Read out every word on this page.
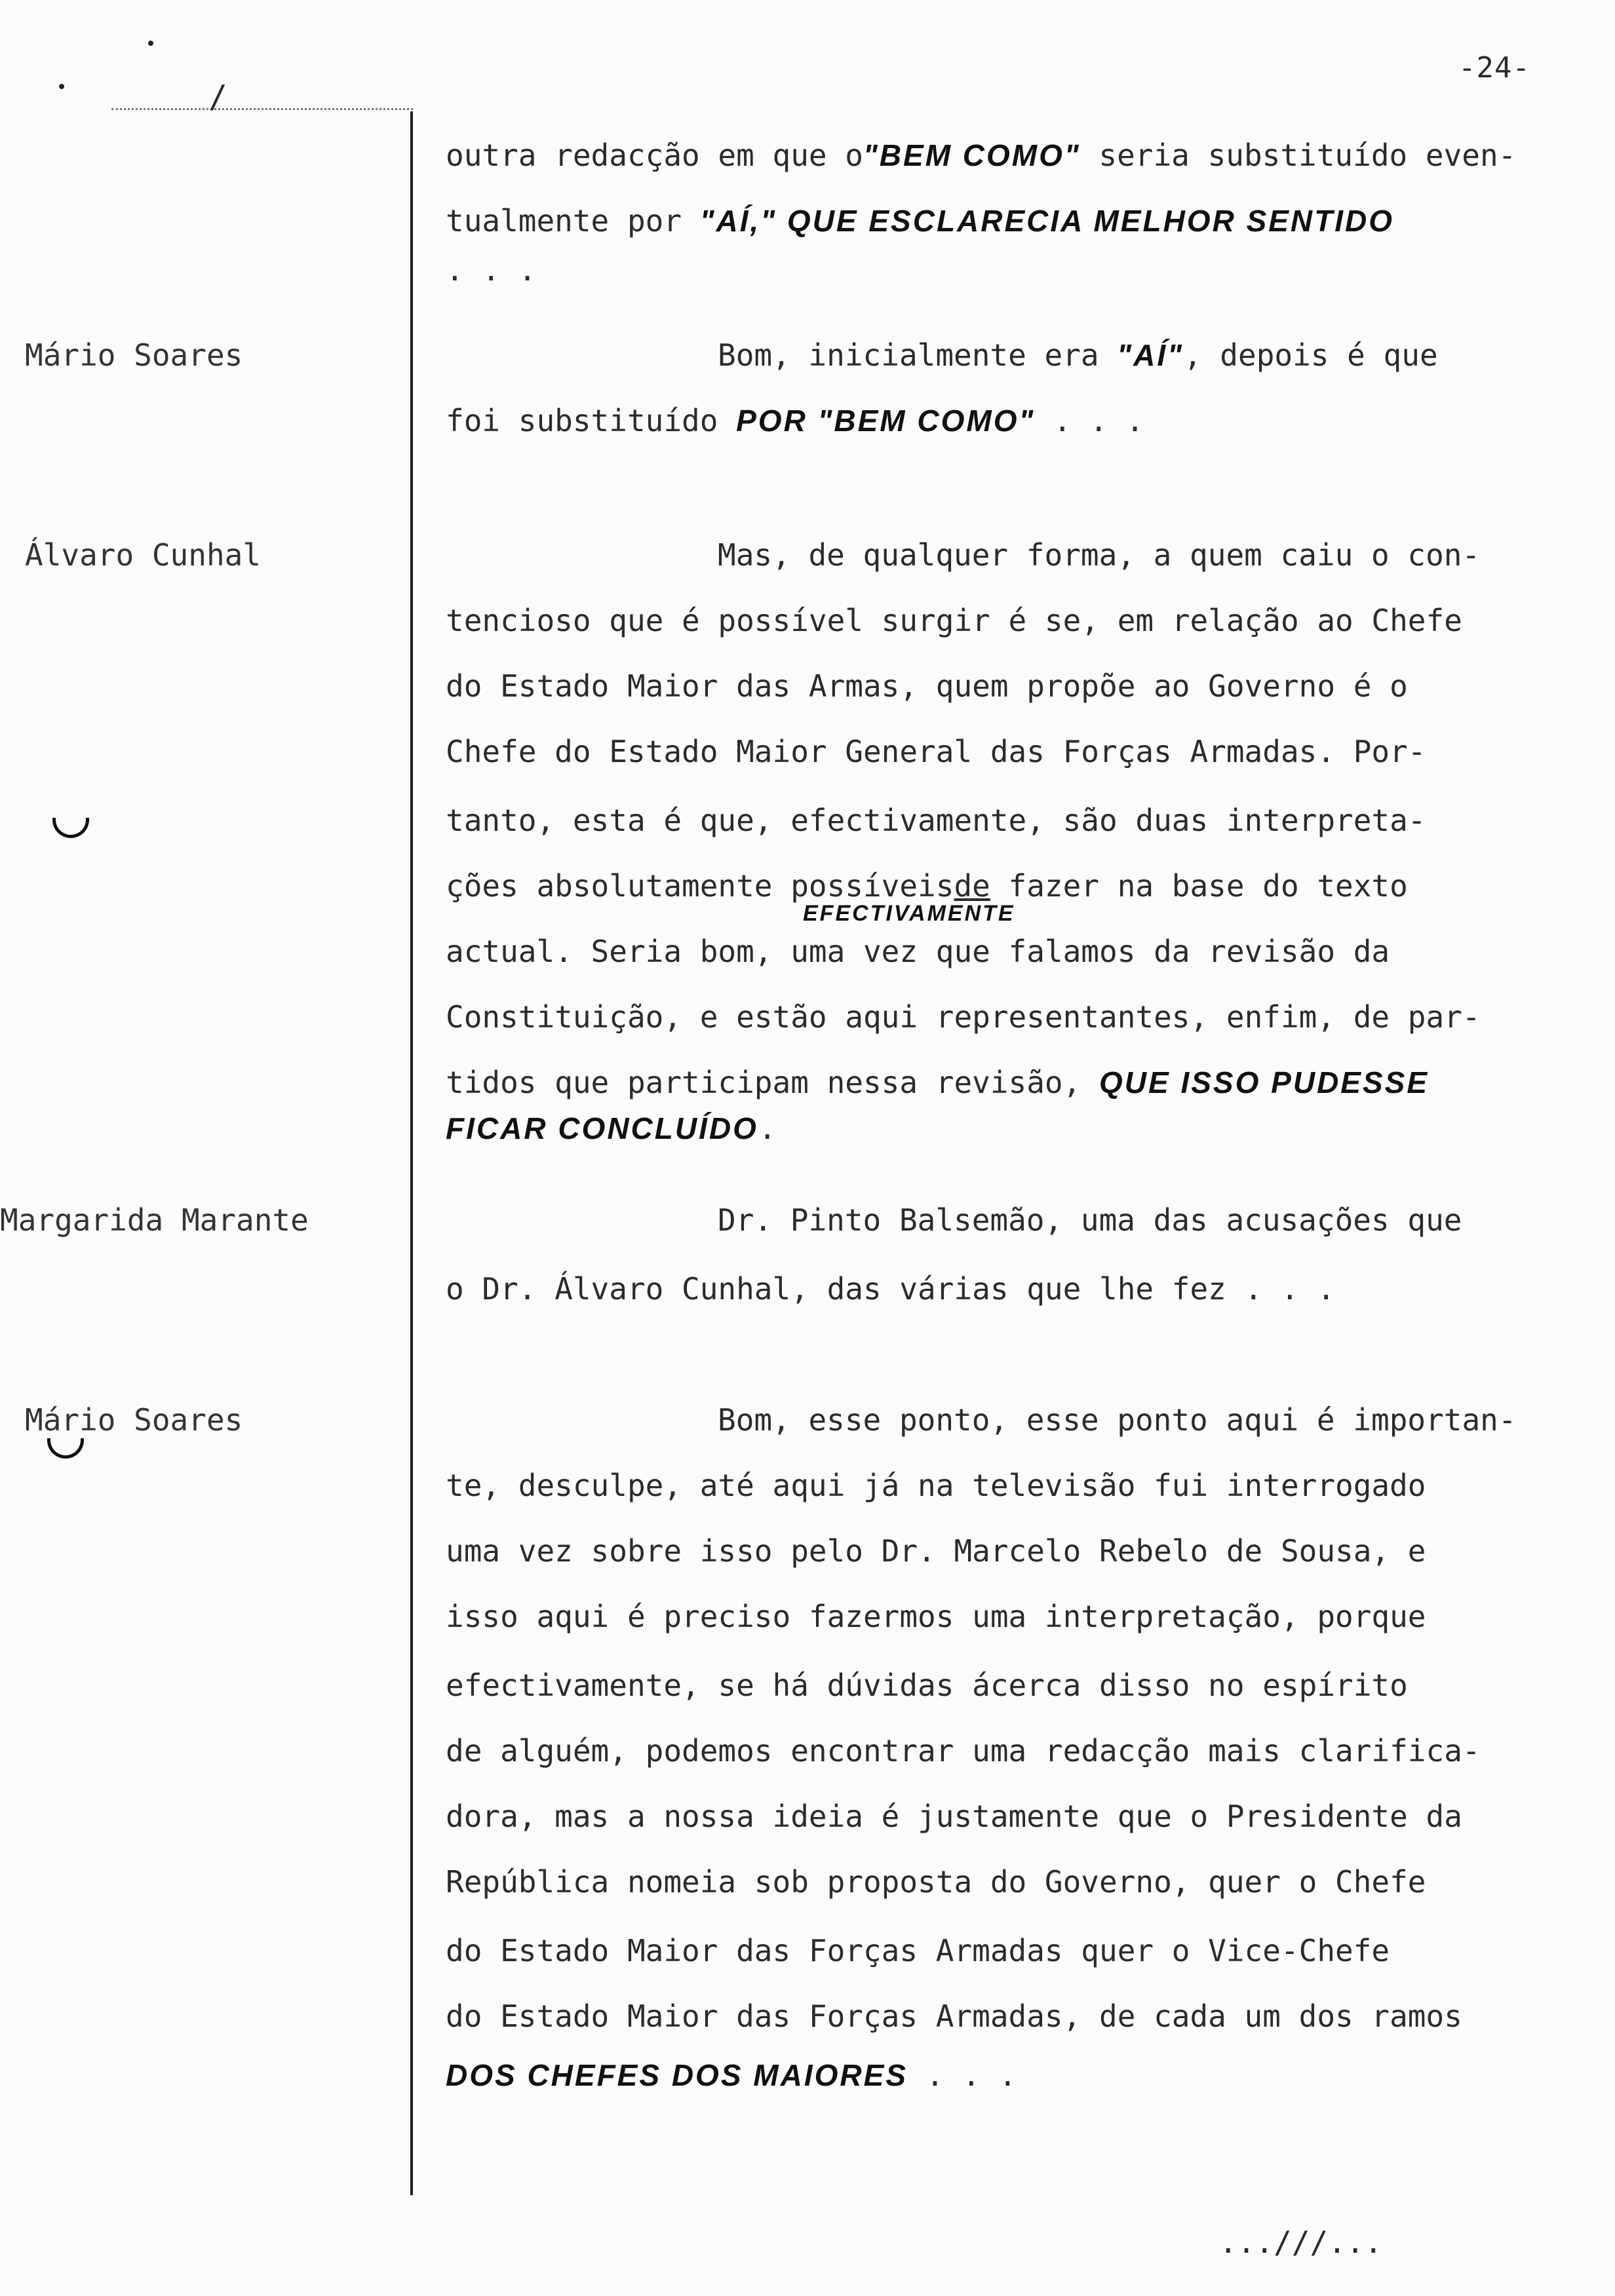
-24-
/
Mário Soares
Álvaro Cunhal
Margarida Marante
Mário Soares
outra redacção em que o"BEM COMO" seria substituído even-
tualmente por "AÍ," QUE ESCLARECIA MELHOR SENTIDO
. . .
Bom, inicialmente era "AÍ", depois é que
foi substituído POR "BEM COMO" . . .
Mas, de qualquer forma, a quem caiu o con-
tencioso que é possível surgir é se, em relação ao Chefe
do Estado Maior das Armas, quem propõe ao Governo é o
Chefe do Estado Maior General das Forças Armadas. Por-
tanto, esta é que, efectivamente, são duas interpreta-
ções absolutamente possíveisde fazer na base do texto
EFECTIVAMENTE
actual. Seria bom, uma vez que falamos da revisão da
Constituição, e estão aqui representantes, enfim, de par-
tidos que participam nessa revisão, QUE ISSO PUDESSE
FICAR CONCLUÍDO.
Dr. Pinto Balsemão, uma das acusações que
o Dr. Álvaro Cunhal, das várias que lhe fez . . .
Bom, esse ponto, esse ponto aqui é importan-
te, desculpe, até aqui já na televisão fui interrogado
uma vez sobre isso pelo Dr. Marcelo Rebelo de Sousa, e
isso aqui é preciso fazermos uma interpretação, porque
efectivamente, se há dúvidas ácerca disso no espírito
de alguém, podemos encontrar uma redacção mais clarifica-
dora, mas a nossa ideia é justamente que o Presidente da
República nomeia sob proposta do Governo, quer o Chefe
do Estado Maior das Forças Armadas quer o Vice-Chefe
do Estado Maior das Forças Armadas, de cada um dos ramos
DOS CHEFES DOS MAIORES . . .
...///...
